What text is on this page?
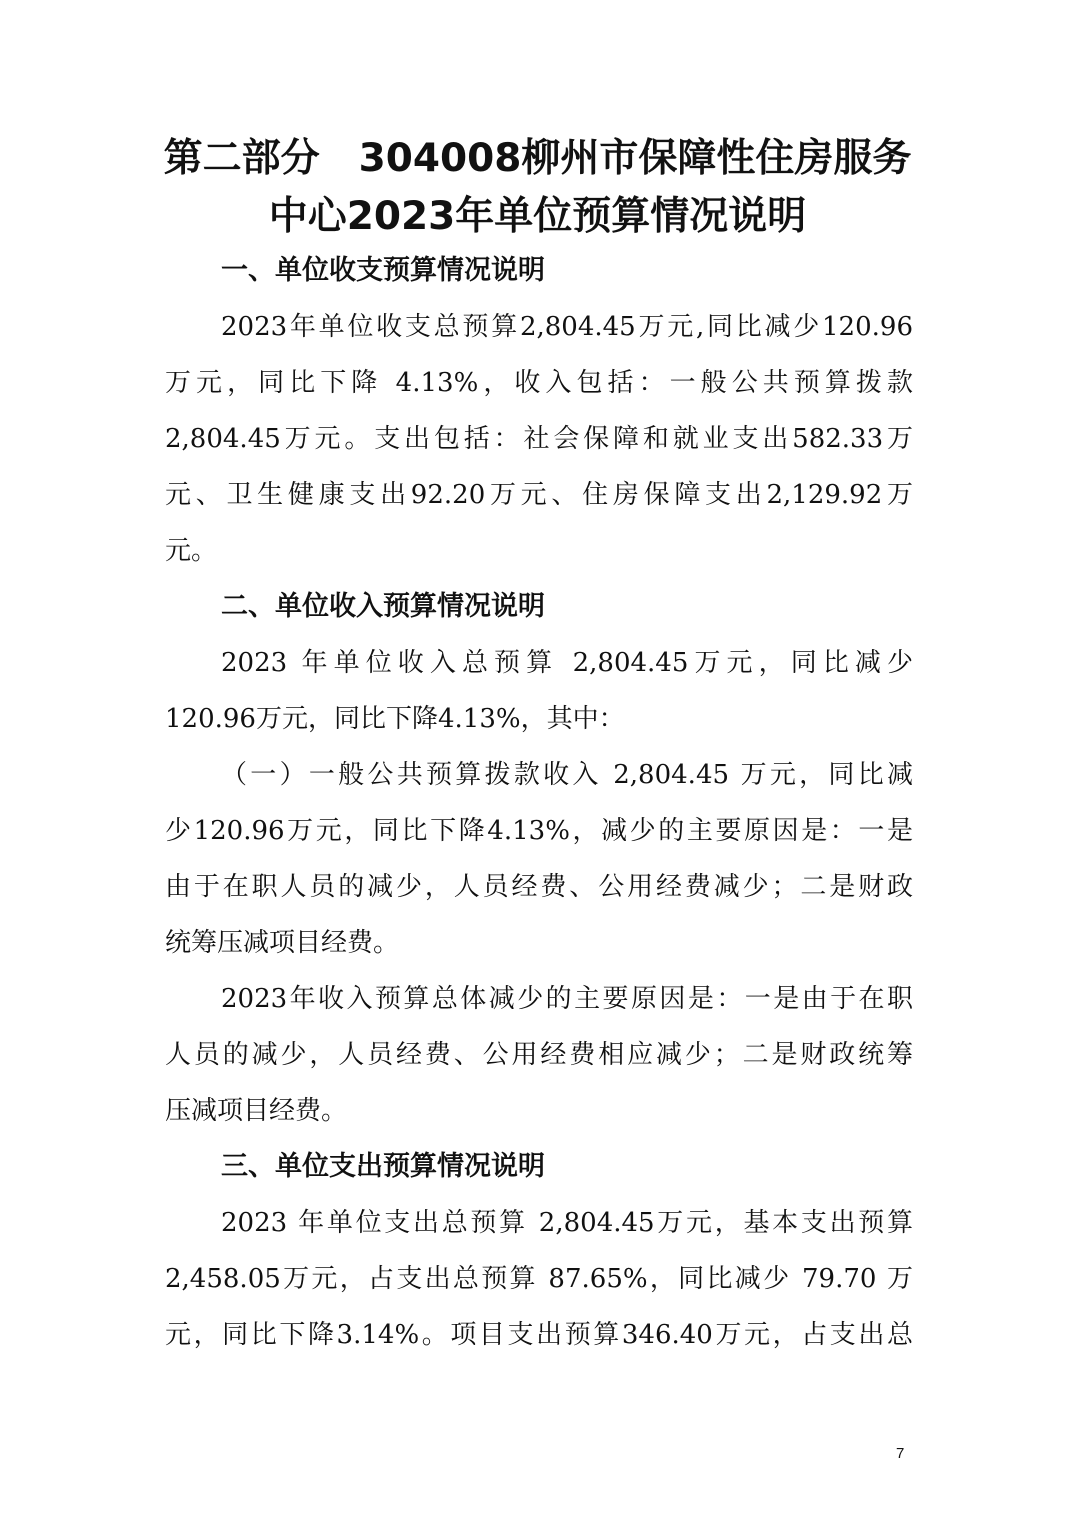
第二部分　304008柳州市保障性住房服务
中心2023年单位预算情况说明
一、单位收支预算情况说明

2023年单位收支总预算2,804.45万元,同比减少120.96
万元，同比下降 4.13%，收入包括：一般公共预算拨款
2,804.45万元。支出包括：社会保障和就业支出582.33万
元、卫生健康支出92.20万元、住房保障支出2,129.92万
元。

二、单位收入预算情况说明

2023 年单位收入总预算 2,804.45万元，同比减少
120.96万元，同比下降4.13%，其中：

（一）一般公共预算拨款收入 2,804.45 万元，同比减
少120.96万元，同比下降4.13%，减少的主要原因是：一是
由于在职人员的减少，人员经费、公用经费减少；二是财政
统筹压减项目经费。

2023年收入预算总体减少的主要原因是：一是由于在职
人员的减少，人员经费、公用经费相应减少；二是财政统筹
压减项目经费。

三、单位支出预算情况说明

2023 年单位支出总预算 2,804.45万元，基本支出预算
2,458.05万元，占支出总预算 87.65%，同比减少 79.70 万
元，同比下降3.14%。项目支出预算346.40万元，占支出总

7
